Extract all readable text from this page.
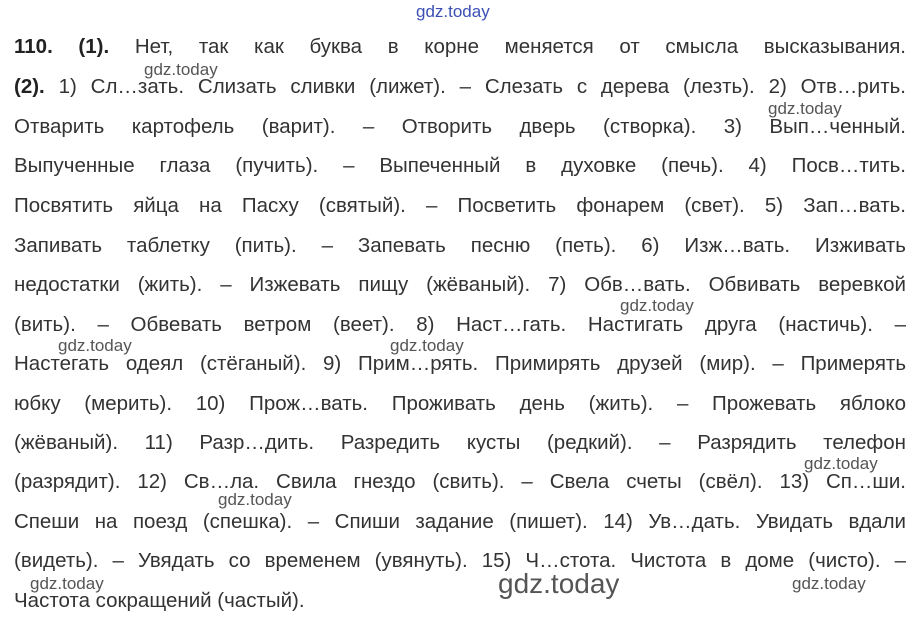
gdz.today
110. (1). Нет, так как буква в корне меняется от смысла высказывания.
(2). 1) Сл…зать. Слизать сливки (лижет). – Слезать с дерева (лезть). 2) Отв…рить.
Отварить картофель (варит). – Отворить дверь (створка). 3) Вып…ченный.
Выпученные глаза (пучить). – Выпеченный в духовке (печь). 4) Посв…тить.
Посвятить яйца на Пасху (святый). – Посветить фонарем (свет). 5) Зап…вать.
Запивать таблетку (пить). – Запевать песню (петь). 6) Изж…вать. Изживать
недостатки (жить). – Изжевать пищу (жёваный). 7) Обв…вать. Обвивать веревкой
(вить). – Обвевать ветром (веет). 8) Наст…гать. Настигать друга (настичь). –
Настегать одеял (стёганый). 9) Прим…рять. Примирять друзей (мир). – Примерять
юбку (мерить). 10) Прож…вать. Проживать день (жить). – Прожевать яблоко
(жёваный). 11) Разр…дить. Разредить кусты (редкий). – Разрядить телефон
(разрядит). 12) Св…ла. Свила гнездо (свить). – Свела счеты (свёл). 13) Сп…ши.
Спеши на поезд (спешка). – Спиши задание (пишет). 14) Ув…дать. Увидать вдали
(видеть). – Увядать со временем (увянуть). 15) Ч…стота. Чистота в доме (чисто). –
Частота сокращений (частый).
gdz.today
gdz.today
gdz.today
gdz.today	gdz.today
gdz.today
gdz.today
gdz.today	gdz.today	gdz.today
